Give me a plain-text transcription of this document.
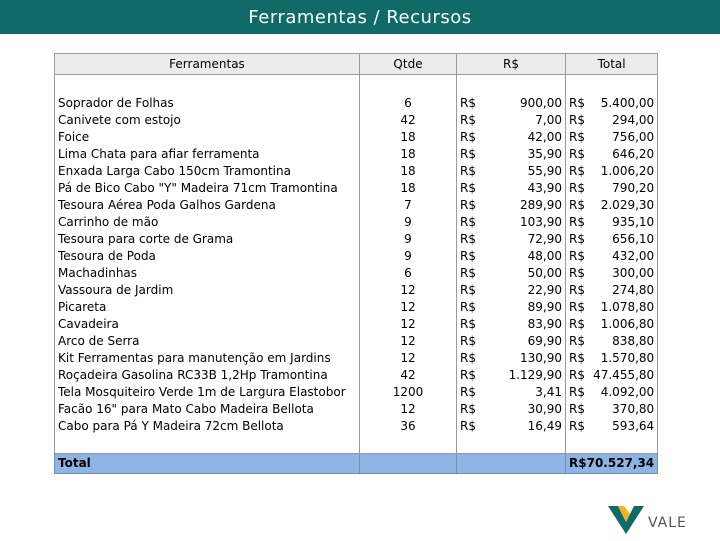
Ferramentas / Recursos
Ferramentas	Qtde	R$	Total

Soprador de Folhas	6	R$ 900,00	R$ 5.400,00

Canivete com estojo	42	R$ 7,00	R$ 294,00

Foice	18	R$ 42,00	R$ 756,00

Lima Chata para afiar ferramenta	18	R$ 35,90	R$ 646,20

Enxada Larga Cabo 150cm Tramontina	18	R$ 55,90	R$ 1.006,20

Pá de Bico Cabo "Y" Madeira 71cm Tramontina	18	R$ 43,90	R$ 790,20

Tesoura Aérea Poda Galhos Gardena	7	R$ 289,90	R$ 2.029,30

Carrinho de mão	9	R$ 103,90	R$ 935,10

Tesoura para corte de Grama	9	R$ 72,90	R$ 656,10

Tesoura de Poda	9	R$ 48,00	R$ 432,00

Machadinhas	6	R$ 50,00	R$ 300,00

Vassoura de Jardim	12	R$ 22,90	R$ 274,80

Picareta	12	R$ 89,90	R$ 1.078,80

Cavadeira	12	R$ 83,90	R$ 1.006,80

Arco de Serra	12	R$ 69,90	R$ 838,80

Kit Ferramentas para manutenção em Jardins	12	R$ 130,90	R$ 1.570,80

Roçadeira Gasolina RC33B 1,2Hp Tramontina	42	R$ 1.129,90	R$ 47.455,80

Tela Mosquiteiro Verde 1m de Largura Elastobor	1200	R$ 3,41	R$ 4.092,00

Facão 16" para Mato Cabo Madeira Bellota	12	R$ 30,90	R$ 370,80

Cabo para Pá Y Madeira 72cm Bellota	36	R$ 16,49	R$ 593,64

Total			R$ 70.527,34
VALE
